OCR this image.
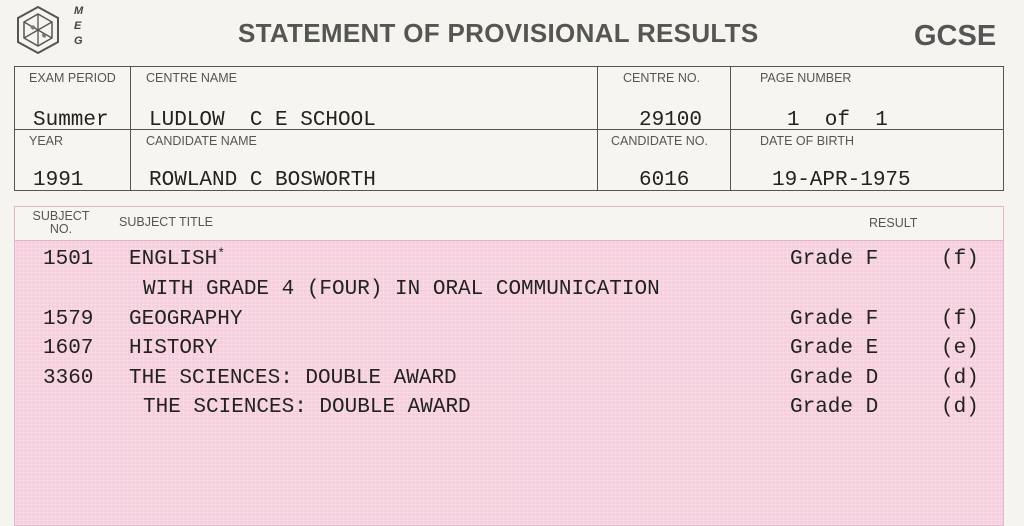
M
E
G	STATEMENT OF PROVISIONAL RESULTS	GCSE
EXAM PERIOD
Summer
CENTRE NAME
LUDLOW  C E SCHOOL
CENTRE NO.
29100
PAGE NUMBER
1  of  1
YEAR
1991
CANDIDATE NAME
ROWLAND C BOSWORTH
CANDIDATE NO.
6016
DATE OF BIRTH
19-APR-1975
SUBJECT
NO.	SUBJECT TITLE	RESULT
1501 ENGLISH*	Grade F	(f)
WITH GRADE 4 (FOUR) IN ORAL COMMUNICATION
1579 GEOGRAPHY	Grade F	(f)
1607 HISTORY	Grade E	(e)
3360 THE SCIENCES: DOUBLE AWARD	Grade D	(d)
THE SCIENCES: DOUBLE AWARD	Grade D	(d)
